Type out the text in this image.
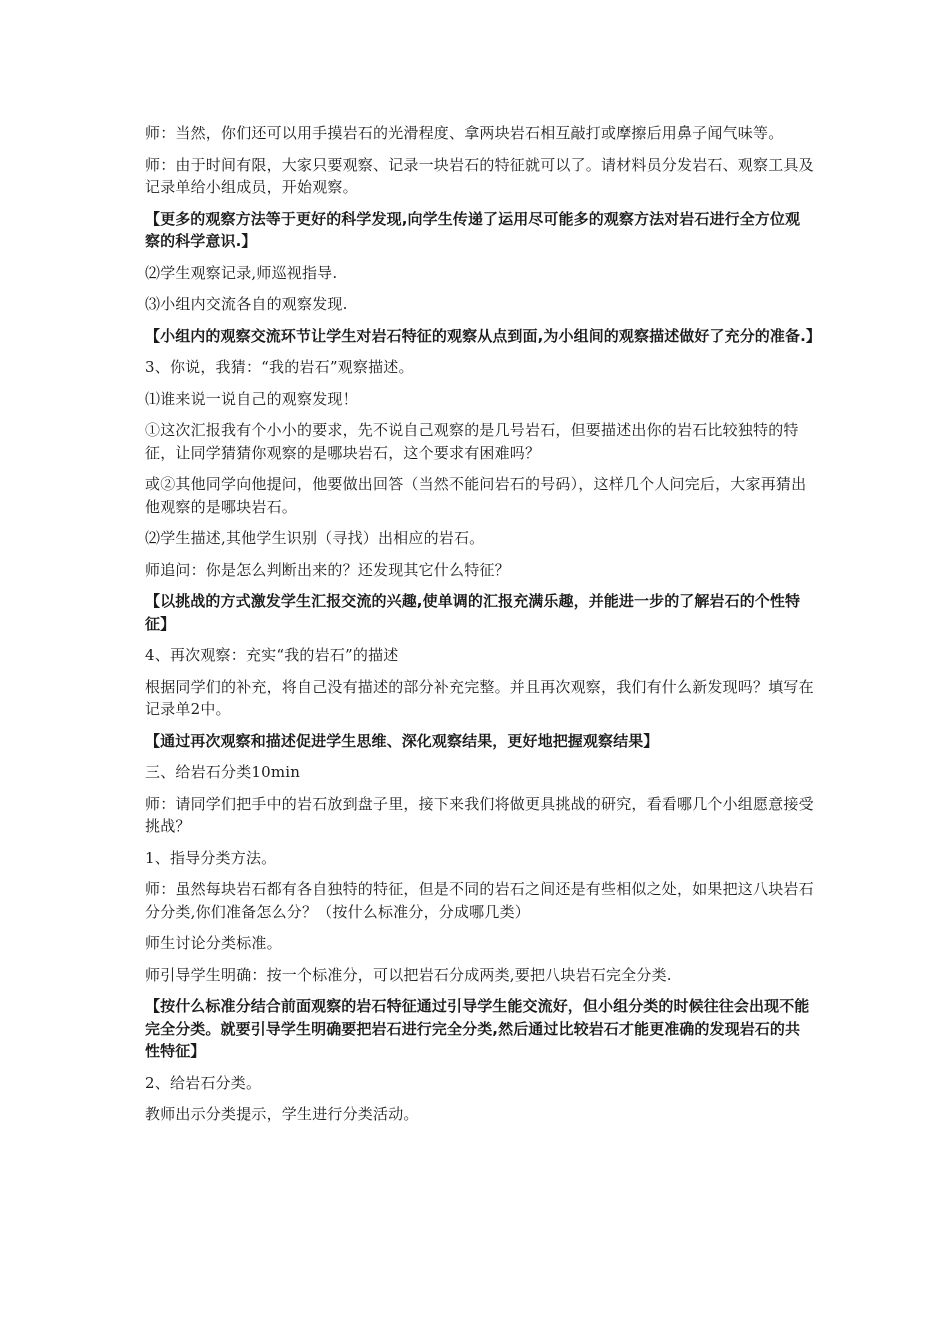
师：当然，你们还可以用手摸岩石的光滑程度、拿两块岩石相互敲打或摩擦后用鼻子闻气味等。

师：由于时间有限，大家只要观察、记录一块岩石的特征就可以了。请材料员分发岩石、观察工具及记录单给小组成员，开始观察。

【更多的观察方法等于更好的科学发现,向学生传递了运用尽可能多的观察方法对岩石进行全方位观察的科学意识.】

⑵学生观察记录,师巡视指导.

⑶小组内交流各自的观察发现.

【小组内的观察交流环节让学生对岩石特征的观察从点到面,为小组间的观察描述做好了充分的准备.】

3、你说，我猜：“我的岩石”观察描述。

⑴谁来说一说自己的观察发现！

①这次汇报我有个小小的要求，先不说自己观察的是几号岩石，但要描述出你的岩石比较独特的特征，让同学猜猜你观察的是哪块岩石，这个要求有困难吗？

或②其他同学向他提问，他要做出回答（当然不能问岩石的号码），这样几个人问完后，大家再猜出他观察的是哪块岩石。

⑵学生描述,其他学生识别（寻找）出相应的岩石。

师追问：你是怎么判断出来的？还发现其它什么特征？

【以挑战的方式激发学生汇报交流的兴趣,使单调的汇报充满乐趣，并能进一步的了解岩石的个性特征】

4、再次观察：充实“我的岩石”的描述

根据同学们的补充，将自己没有描述的部分补充完整。并且再次观察，我们有什么新发现吗？填写在记录单2中。

【通过再次观察和描述促进学生思维、深化观察结果，更好地把握观察结果】

三、给岩石分类10min

师：请同学们把手中的岩石放到盘子里，接下来我们将做更具挑战的研究，看看哪几个小组愿意接受挑战？

1、指导分类方法。

师：虽然每块岩石都有各自独特的特征，但是不同的岩石之间还是有些相似之处，如果把这八块岩石分分类,你们准备怎么分？（按什么标准分，分成哪几类）

师生讨论分类标准。

师引导学生明确：按一个标准分，可以把岩石分成两类,要把八块岩石完全分类.

【按什么标准分结合前面观察的岩石特征通过引导学生能交流好，但小组分类的时候往往会出现不能完全分类。就要引导学生明确要把岩石进行完全分类,然后通过比较岩石才能更准确的发现岩石的共性特征】

2、给岩石分类。

教师出示分类提示，学生进行分类活动。
